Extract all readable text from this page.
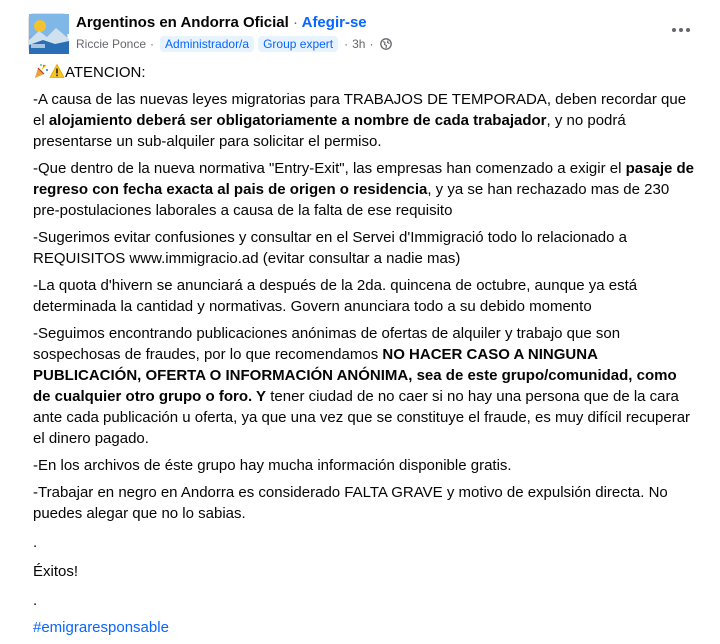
Argentinos en Andorra Oficial · Afegir-se
Riccie Ponce · Administrador/a	Group expert · 3h ·

ATENCION:

-A causa de las nuevas leyes migratorias para TRABAJOS DE TEMPORADA, deben recordar que el alojamiento deberá ser obligatoriamente a nombre de cada trabajador, y no podrá presentarse un sub-alquiler para solicitar el permiso.

-Que dentro de la nueva normativa "Entry-Exit", las empresas han comenzado a exigir el pasaje de regreso con fecha exacta al pais de origen o residencia, y ya se han rechazado mas de 230 pre-postulaciones laborales a causa de la falta de ese requisito

-Sugerimos evitar confusiones y consultar en el Servei d'Immigració todo lo relacionado a REQUISITOS www.immigracio.ad (evitar consultar a nadie mas)

-La quota d'hivern se anunciará a después de la 2da. quincena de octubre, aunque ya está determinada la cantidad y normativas. Govern anunciara todo a su debido momento

-Seguimos encontrando publicaciones anónimas de ofertas de alquiler y trabajo que son sospechosas de fraudes, por lo que recomendamos NO HACER CASO A NINGUNA PUBLICACIÓN, OFERTA O INFORMACIÓN ANÓNIMA, sea de este grupo/comunidad, como de cualquier otro grupo o foro. Y tener ciudad de no caer si no hay una persona que de la cara ante cada publicación u oferta, ya que una vez que se constituye el fraude, es muy difícil recuperar el dinero pagado.

-En los archivos de éste grupo hay mucha información disponible gratis.

-Trabajar en negro en Andorra es considerado FALTA GRAVE y motivo de expulsión directa. No puedes alegar que no lo sabias.

.

Éxitos!

.

#emigraresponsable
